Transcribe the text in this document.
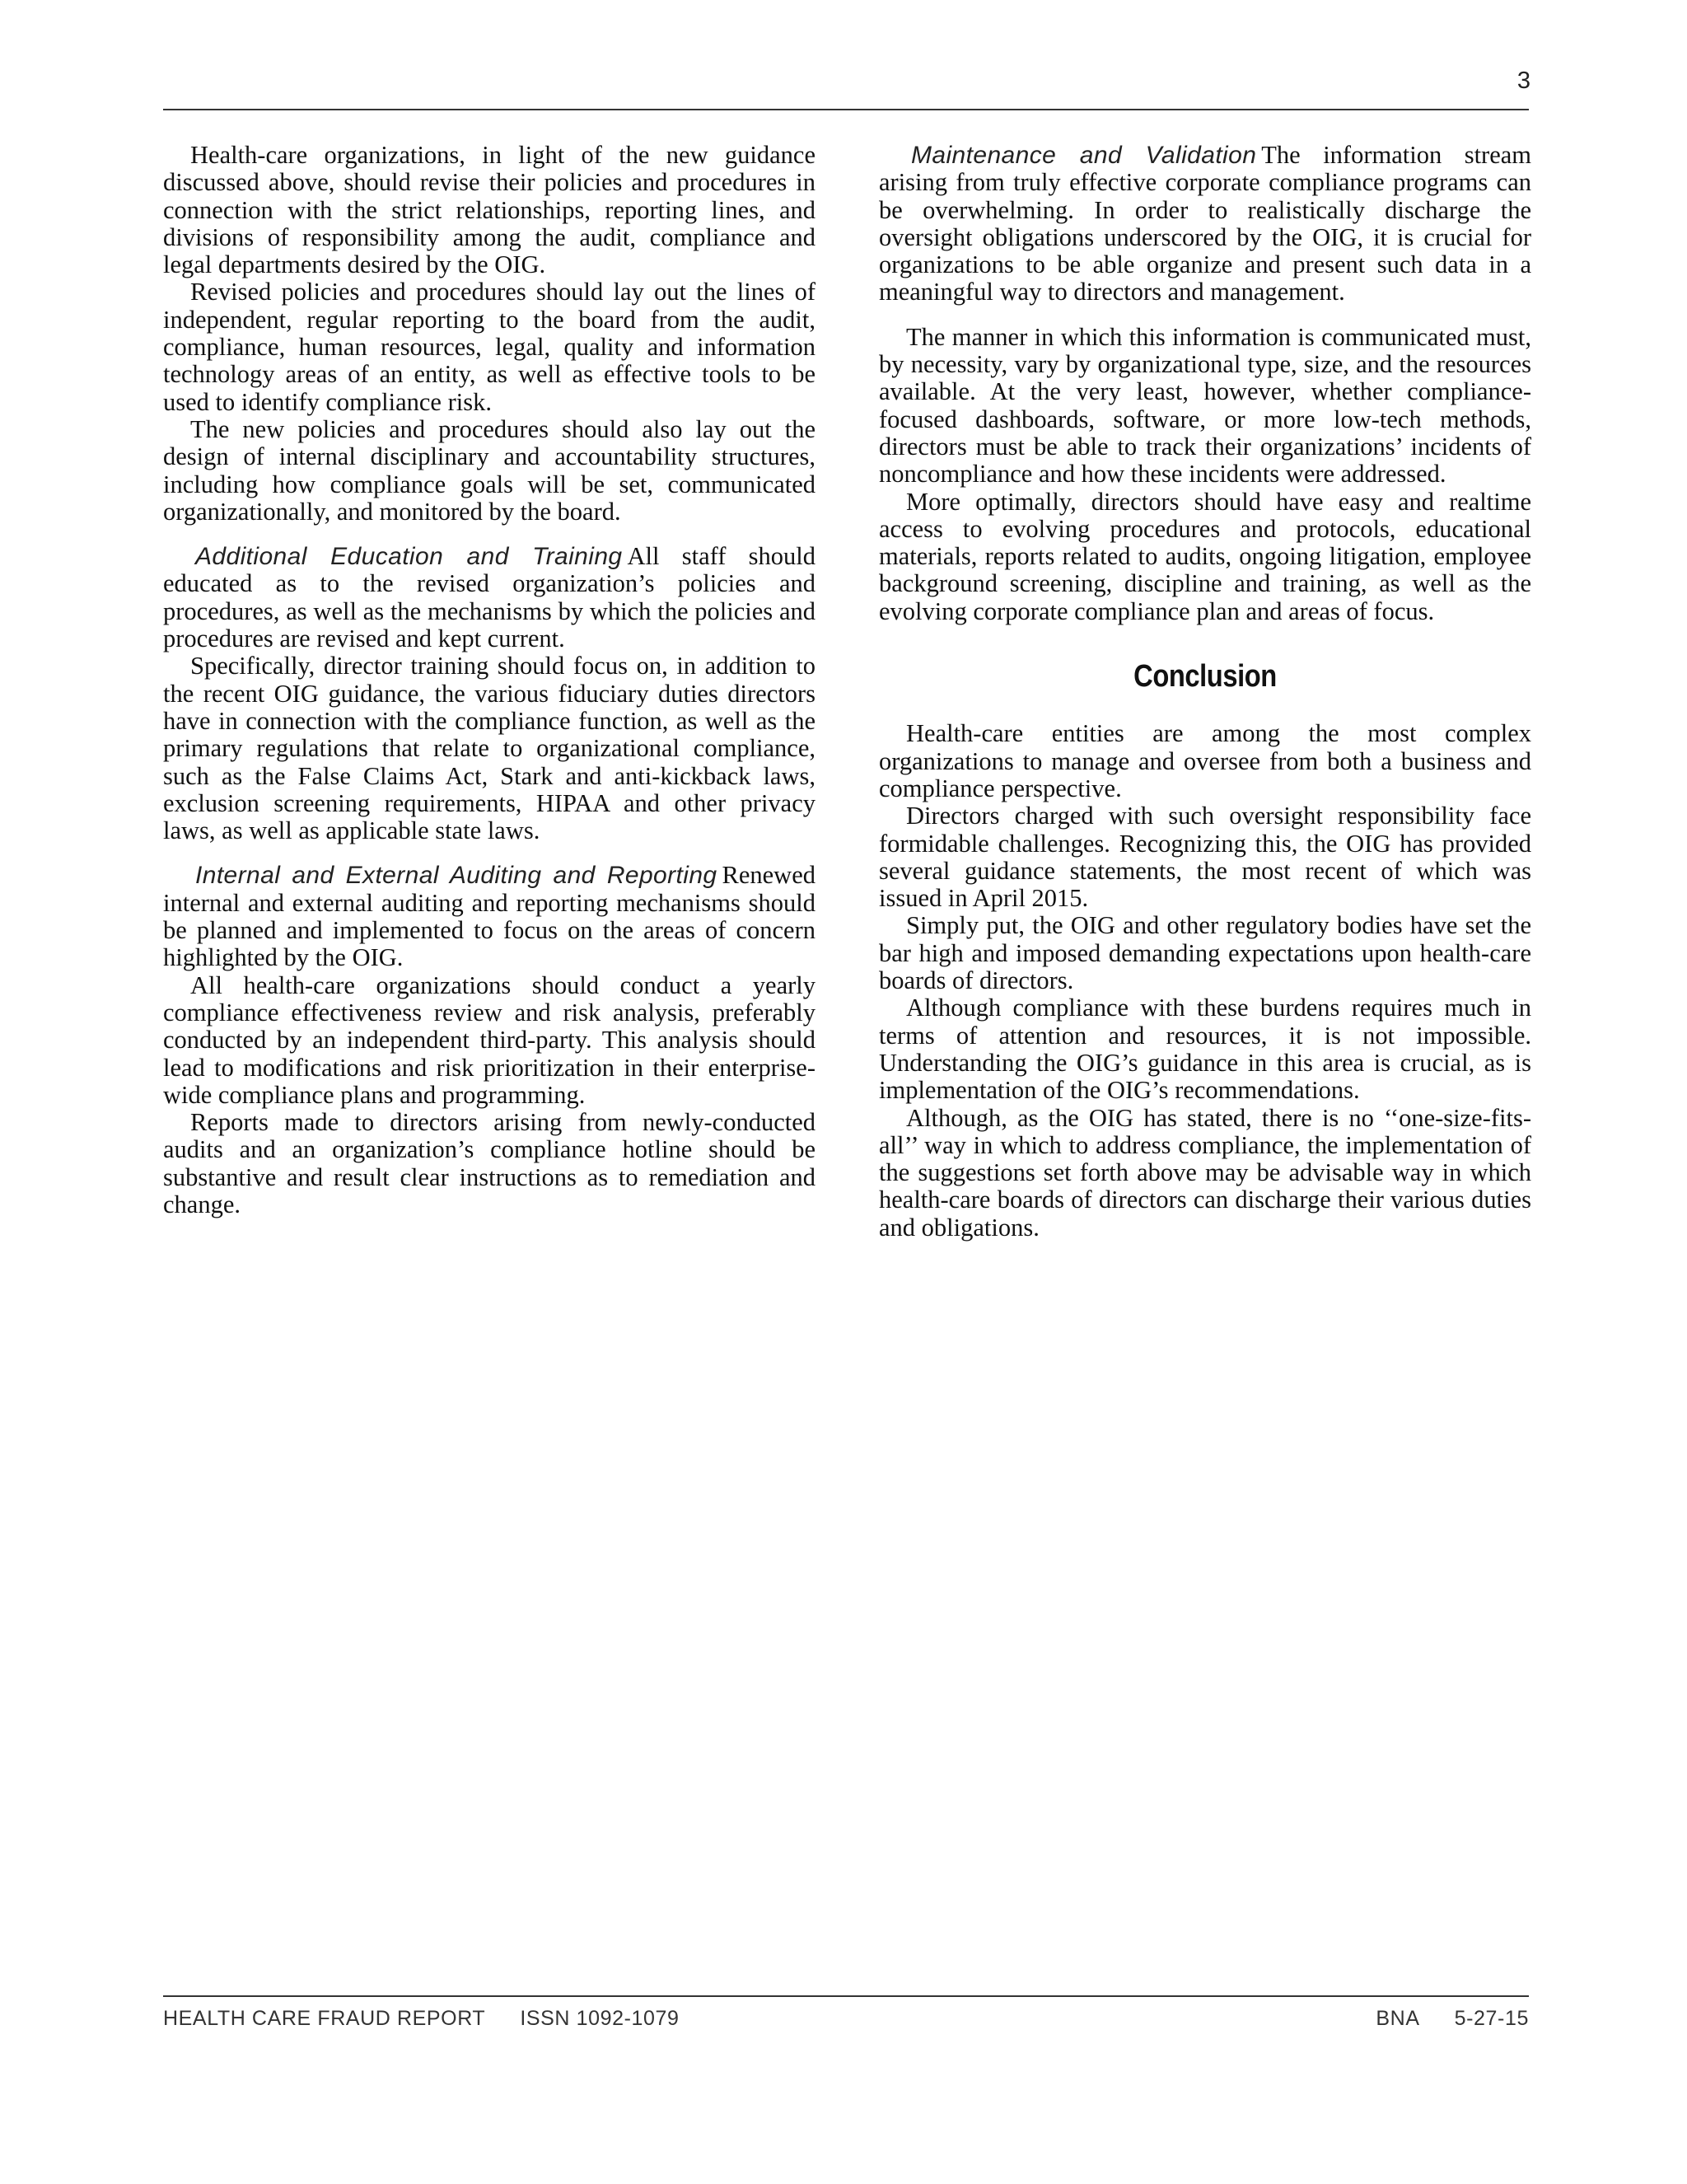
3

Health-care organizations, in light of the new guidance discussed above, should revise their policies and procedures in connection with the strict relationships, reporting lines, and divisions of responsibility among the audit, compliance and legal departments desired by the OIG.

Revised policies and procedures should lay out the lines of independent, regular reporting to the board from the audit, compliance, human resources, legal, quality and information technology areas of an entity, as well as effective tools to be used to identify compliance risk.

The new policies and procedures should also lay out the design of internal disciplinary and accountability structures, including how compliance goals will be set, communicated organizationally, and monitored by the board.

Additional Education and Training All staff should educated as to the revised organization’s policies and procedures, as well as the mechanisms by which the policies and procedures are revised and kept current.

Specifically, director training should focus on, in addition to the recent OIG guidance, the various fiduciary duties directors have in connection with the compliance function, as well as the primary regulations that relate to organizational compliance, such as the False Claims Act, Stark and anti-kickback laws, exclusion screening requirements, HIPAA and other privacy laws, as well as applicable state laws.

Internal and External Auditing and Reporting Renewed internal and external auditing and reporting mechanisms should be planned and implemented to focus on the areas of concern highlighted by the OIG.

All health-care organizations should conduct a yearly compliance effectiveness review and risk analysis, preferably conducted by an independent third-party. This analysis should lead to modifications and risk prioritization in their enterprise-wide compliance plans and programming.

Reports made to directors arising from newly-conducted audits and an organization’s compliance hotline should be substantive and result clear instructions as to remediation and change.

Maintenance and Validation The information stream arising from truly effective corporate compliance programs can be overwhelming. In order to realistically discharge the oversight obligations underscored by the OIG, it is crucial for organizations to be able organize and present such data in a meaningful way to directors and management.

The manner in which this information is communicated must, by necessity, vary by organizational type, size, and the resources available. At the very least, however, whether compliance-focused dashboards, software, or more low-tech methods, directors must be able to track their organizations’ incidents of noncompliance and how these incidents were addressed.

More optimally, directors should have easy and realtime access to evolving procedures and protocols, educational materials, reports related to audits, ongoing litigation, employee background screening, discipline and training, as well as the evolving corporate compliance plan and areas of focus.

Conclusion

Health-care entities are among the most complex organizations to manage and oversee from both a business and compliance perspective.

Directors charged with such oversight responsibility face formidable challenges. Recognizing this, the OIG has provided several guidance statements, the most recent of which was issued in April 2015.

Simply put, the OIG and other regulatory bodies have set the bar high and imposed demanding expectations upon health-care boards of directors.

Although compliance with these burdens requires much in terms of attention and resources, it is not impossible. Understanding the OIG’s guidance in this area is crucial, as is implementation of the OIG’s recommendations.

Although, as the OIG has stated, there is no ‘‘one-size-fits-all’’ way in which to address compliance, the implementation of the suggestions set forth above may be advisable way in which health-care boards of directors can discharge their various duties and obligations.

HEALTH CARE FRAUD REPORT ISSN 1092-1079	BNA 5-27-15
